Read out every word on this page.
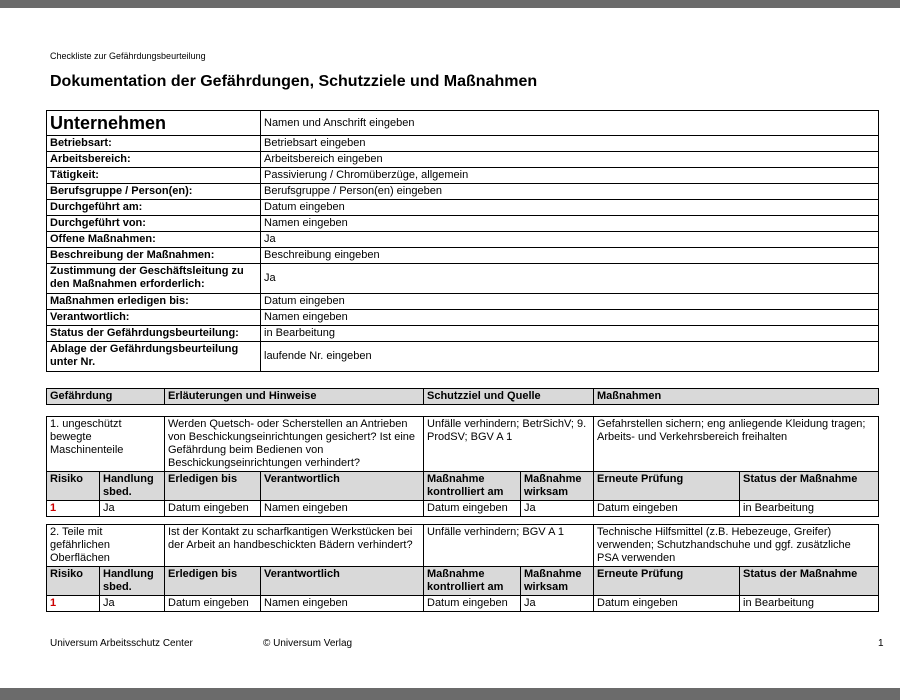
Checkliste zur Gefährdungsbeurteilung
Dokumentation der Gefährdungen, Schutzziele und Maßnahmen
Unternehmen	Namen und Anschrift eingeben
Betriebsart:	Betriebsart eingeben
Arbeitsbereich:	Arbeitsbereich eingeben
Tätigkeit:	Passivierung / Chromüberzüge, allgemein
Berufsgruppe / Person(en):	Berufsgruppe / Person(en) eingeben
Durchgeführt am:	Datum eingeben
Durchgeführt von:	Namen eingeben
Offene Maßnahmen:	Ja
Beschreibung der Maßnahmen:	Beschreibung eingeben
Zustimmung der Geschäftsleitung zu den Maßnahmen erforderlich:	Ja
Maßnahmen erledigen bis:	Datum eingeben
Verantwortlich:	Namen eingeben
Status der Gefährdungsbeurteilung:	in Bearbeitung
Ablage der Gefährdungsbeurteilung unter Nr.	laufende Nr. eingeben
Gefährdung	Erläuterungen und Hinweise	Schutzziel und Quelle	Maßnahmen
1. ungeschützt bewegte Maschinenteile		Werden Quetsch- oder Scherstellen an Antrieben von Beschickungseinrichtungen gesichert? Ist eine Gefährdung beim Bedienen von Beschickungseinrichtungen verhindert?		Unfälle verhindern; BetrSichV; 9. ProdSV; BGV A 1		Gefahrstellen sichern; eng anliegende Kleidung tragen; Arbeits- und Verkehrsbereich freihalten	
Risiko	Handlung sbed.	Erledigen bis	Verantwortlich	Maßnahme kontrolliert am	Maßnahme wirksam	Erneute Prüfung	Status der Maßnahme
1	Ja	Datum eingeben	Namen eingeben	Datum eingeben	Ja	Datum eingeben	in Bearbeitung
2. Teile mit gefährlichen Oberflächen		Ist der Kontakt zu scharfkantigen Werkstücken bei der Arbeit an handbeschickten Bädern verhindert?		Unfälle verhindern; BGV A 1		Technische Hilfsmittel (z.B. Hebezeuge, Greifer) verwenden; Schutzhandschuhe und ggf. zusätzliche PSA verwenden	
Risiko	Handlung sbed.	Erledigen bis	Verantwortlich	Maßnahme kontrolliert am	Maßnahme wirksam	Erneute Prüfung	Status der Maßnahme
1	Ja	Datum eingeben	Namen eingeben	Datum eingeben	Ja	Datum eingeben	in Bearbeitung
Universum Arbeitsschutz Center	© Universum Verlag	1
